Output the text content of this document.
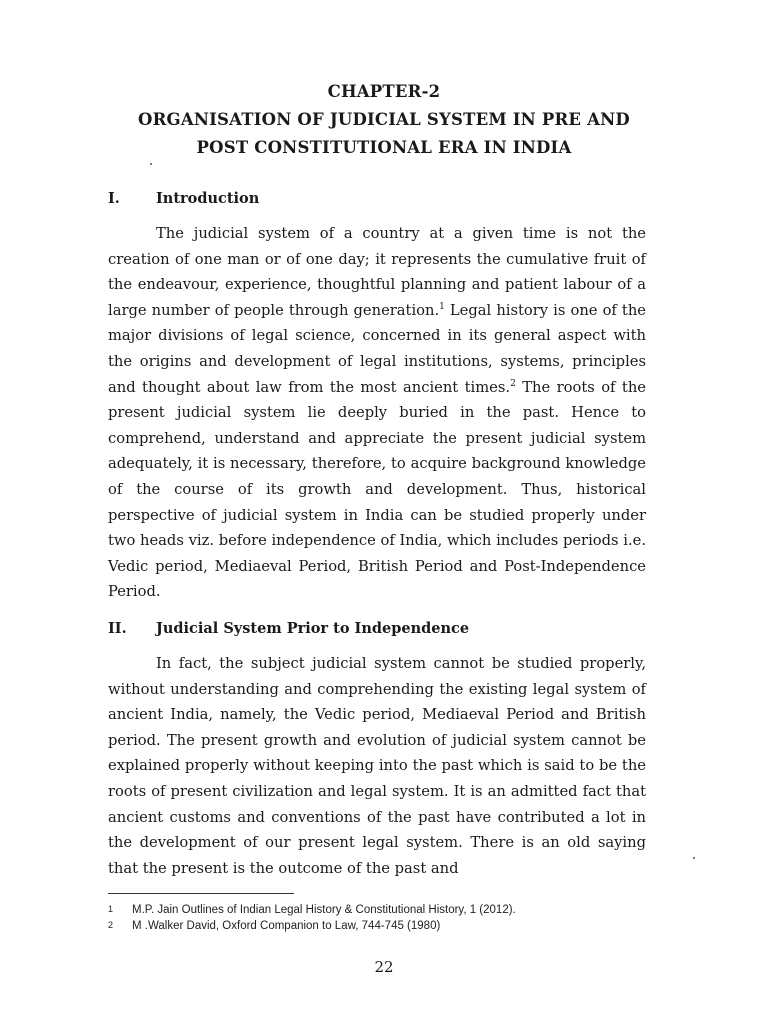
CHAPTER-2
ORGANISATION OF JUDICIAL SYSTEM IN PRE AND
POST CONSTITUTIONAL ERA IN INDIA
I. Introduction

The judicial system of a country at a given time is not the creation of one man or of one day; it represents the cumulative fruit of the endeavour, experience, thoughtful planning and patient labour of a large number of people through generation.$^1$ Legal history is one of the major divisions of legal science, concerned in its general aspect with the origins and development of legal institutions, systems, principles and thought about law from the most ancient times.$^2$ The roots of the present judicial system lie deeply buried in the past. Hence to comprehend, understand and appreciate the present judicial system adequately, it is necessary, therefore, to acquire background knowledge of the course of its growth and development. Thus, historical perspective of judicial system in India can be studied properly under two heads viz. before independence of India, which includes periods i.e. Vedic period, Mediaeval Period, British Period and Post-Independence Period.

II. Judicial System Prior to Independence

In fact, the subject judicial system cannot be studied properly, without understanding and comprehending the existing legal system of ancient India, namely, the Vedic period, Mediaeval Period and British period. The present growth and evolution of judicial system cannot be explained properly without keeping into the past which is said to be the roots of present civilization and legal system. It is an admitted fact that ancient customs and conventions of the past have contributed a lot in the development of our present legal system. There is an old saying that the present is the outcome of the past and

1 M.P. Jain Outlines of Indian Legal History & Constitutional History, 1 (2012).
2 M .Walker David, Oxford Companion to Law, 744-745 (1980)
22
